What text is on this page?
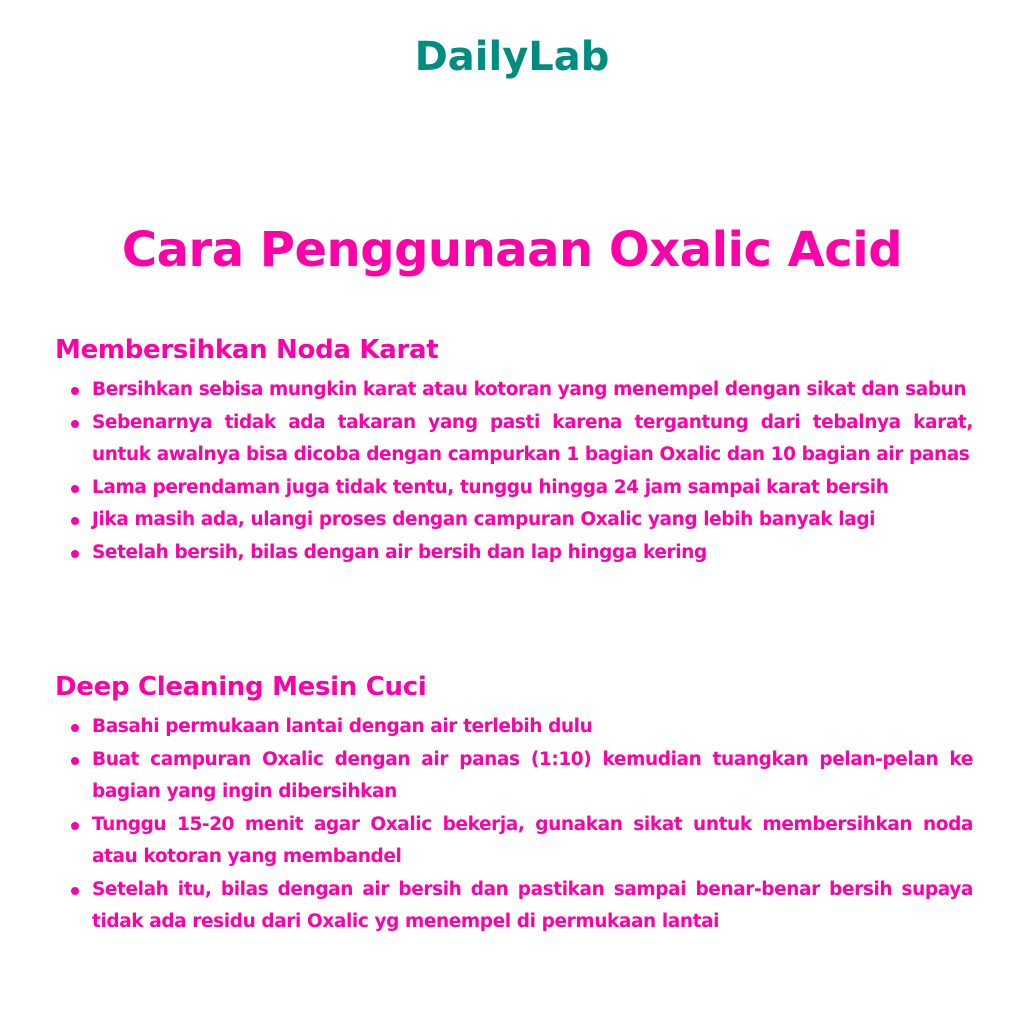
DailyLab
Cara Penggunaan Oxalic Acid
Membersihkan Noda Karat
Bersihkan sebisa mungkin karat atau kotoran yang menempel dengan sikat dan sabun
Sebenarnya tidak ada takaran yang pasti karena tergantung dari tebalnya karat, untuk awalnya bisa dicoba dengan campurkan 1 bagian Oxalic dan 10 bagian air panas
Lama perendaman juga tidak tentu, tunggu hingga 24 jam sampai karat bersih
Jika masih ada, ulangi proses dengan campuran Oxalic yang lebih banyak lagi
Setelah bersih, bilas dengan air bersih dan lap hingga kering
Deep Cleaning Mesin Cuci
Basahi permukaan lantai dengan air terlebih dulu
Buat campuran Oxalic dengan air panas (1:10) kemudian tuangkan pelan-pelan ke bagian yang ingin dibersihkan
Tunggu 15-20 menit agar Oxalic bekerja, gunakan sikat untuk membersihkan noda atau kotoran yang membandel
Setelah itu, bilas dengan air bersih dan pastikan sampai benar-benar bersih supaya tidak ada residu dari Oxalic yg menempel di permukaan lantai
